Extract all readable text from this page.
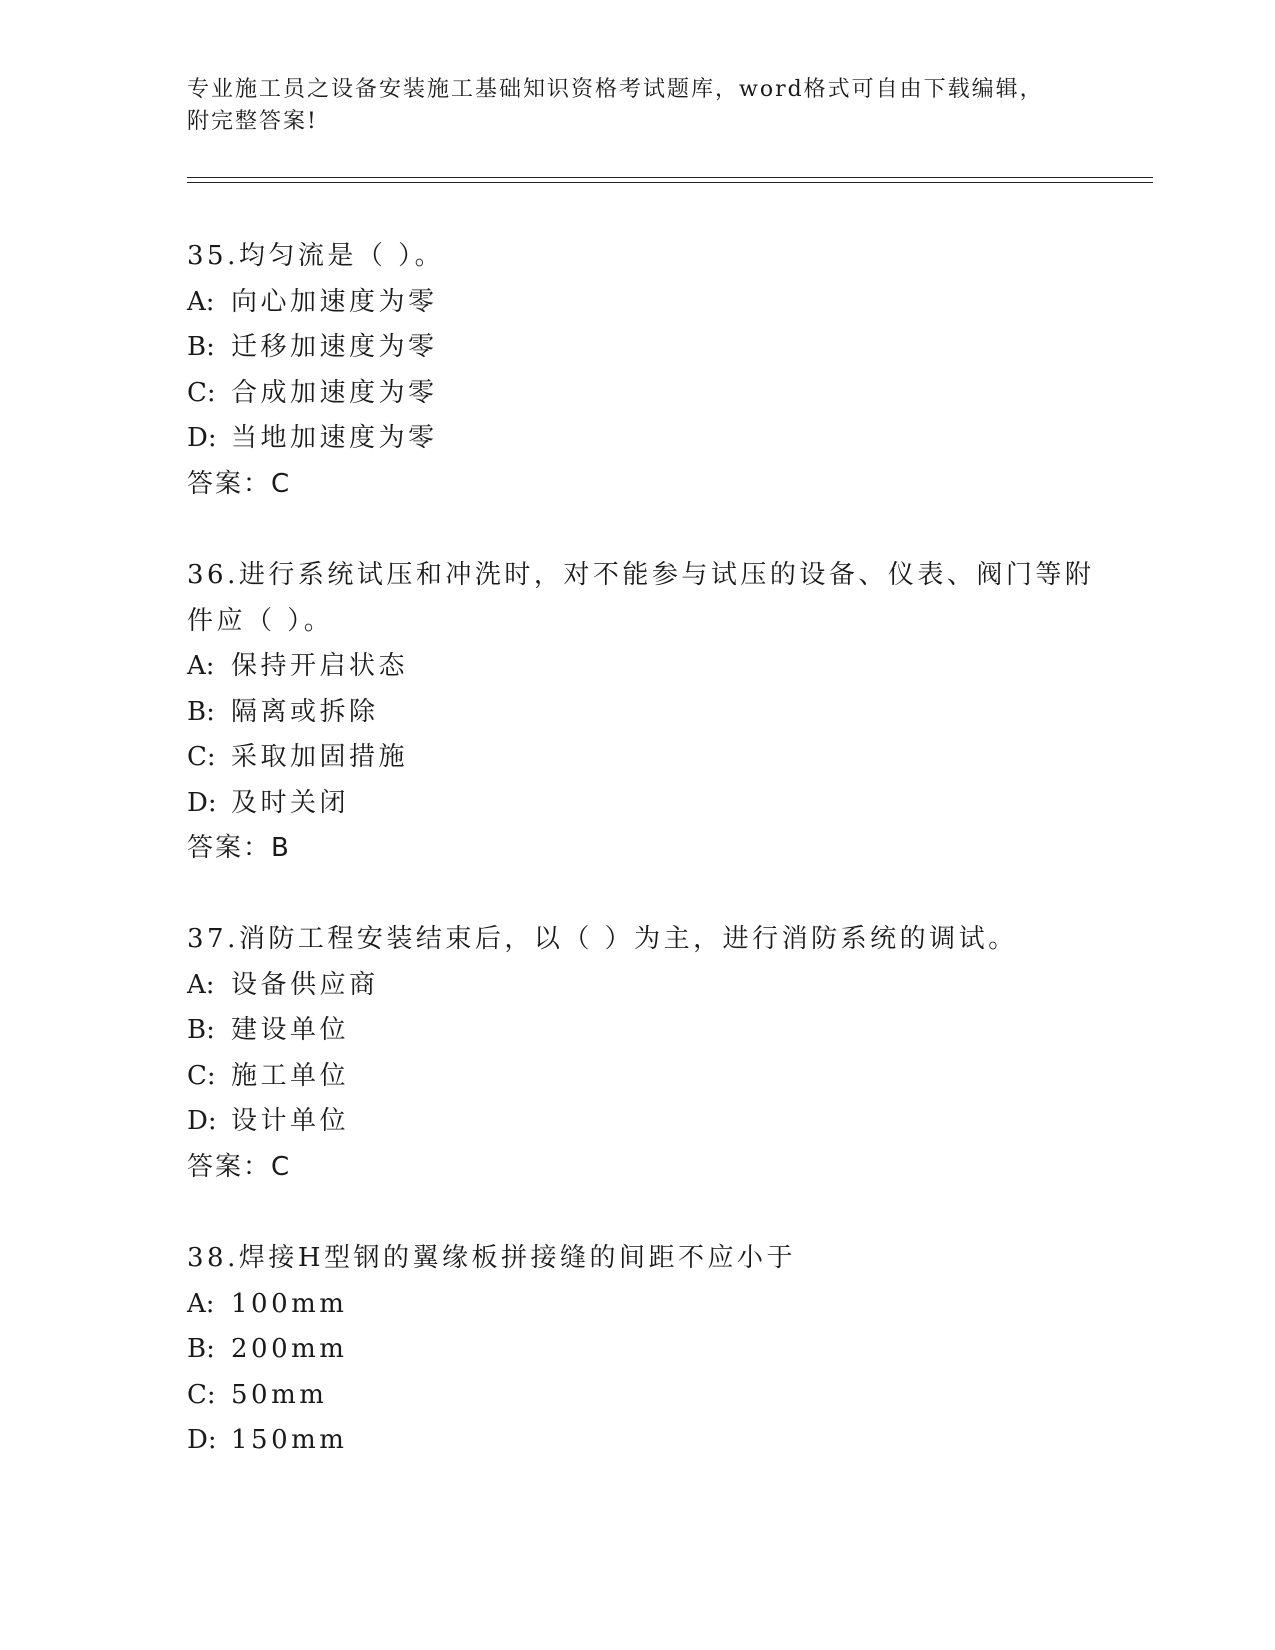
专业施工员之设备安装施工基础知识资格考试题库，word格式可自由下载编辑，
附完整答案!
35.均匀流是（ ）。
A: 向心加速度为零
B: 迁移加速度为零
C: 合成加速度为零
D: 当地加速度为零
答案：C
36.进行系统试压和冲洗时，对不能参与试压的设备、仪表、阀门等附
件应（ ）。
A: 保持开启状态
B: 隔离或拆除
C: 采取加固措施
D: 及时关闭
答案：B
37.消防工程安装结束后，以（ ）为主，进行消防系统的调试。
A: 设备供应商
B: 建设单位
C: 施工单位
D: 设计单位
答案：C
38.焊接H型钢的翼缘板拼接缝的间距不应小于
A: 100mm
B: 200mm
C: 50mm
D: 150mm
